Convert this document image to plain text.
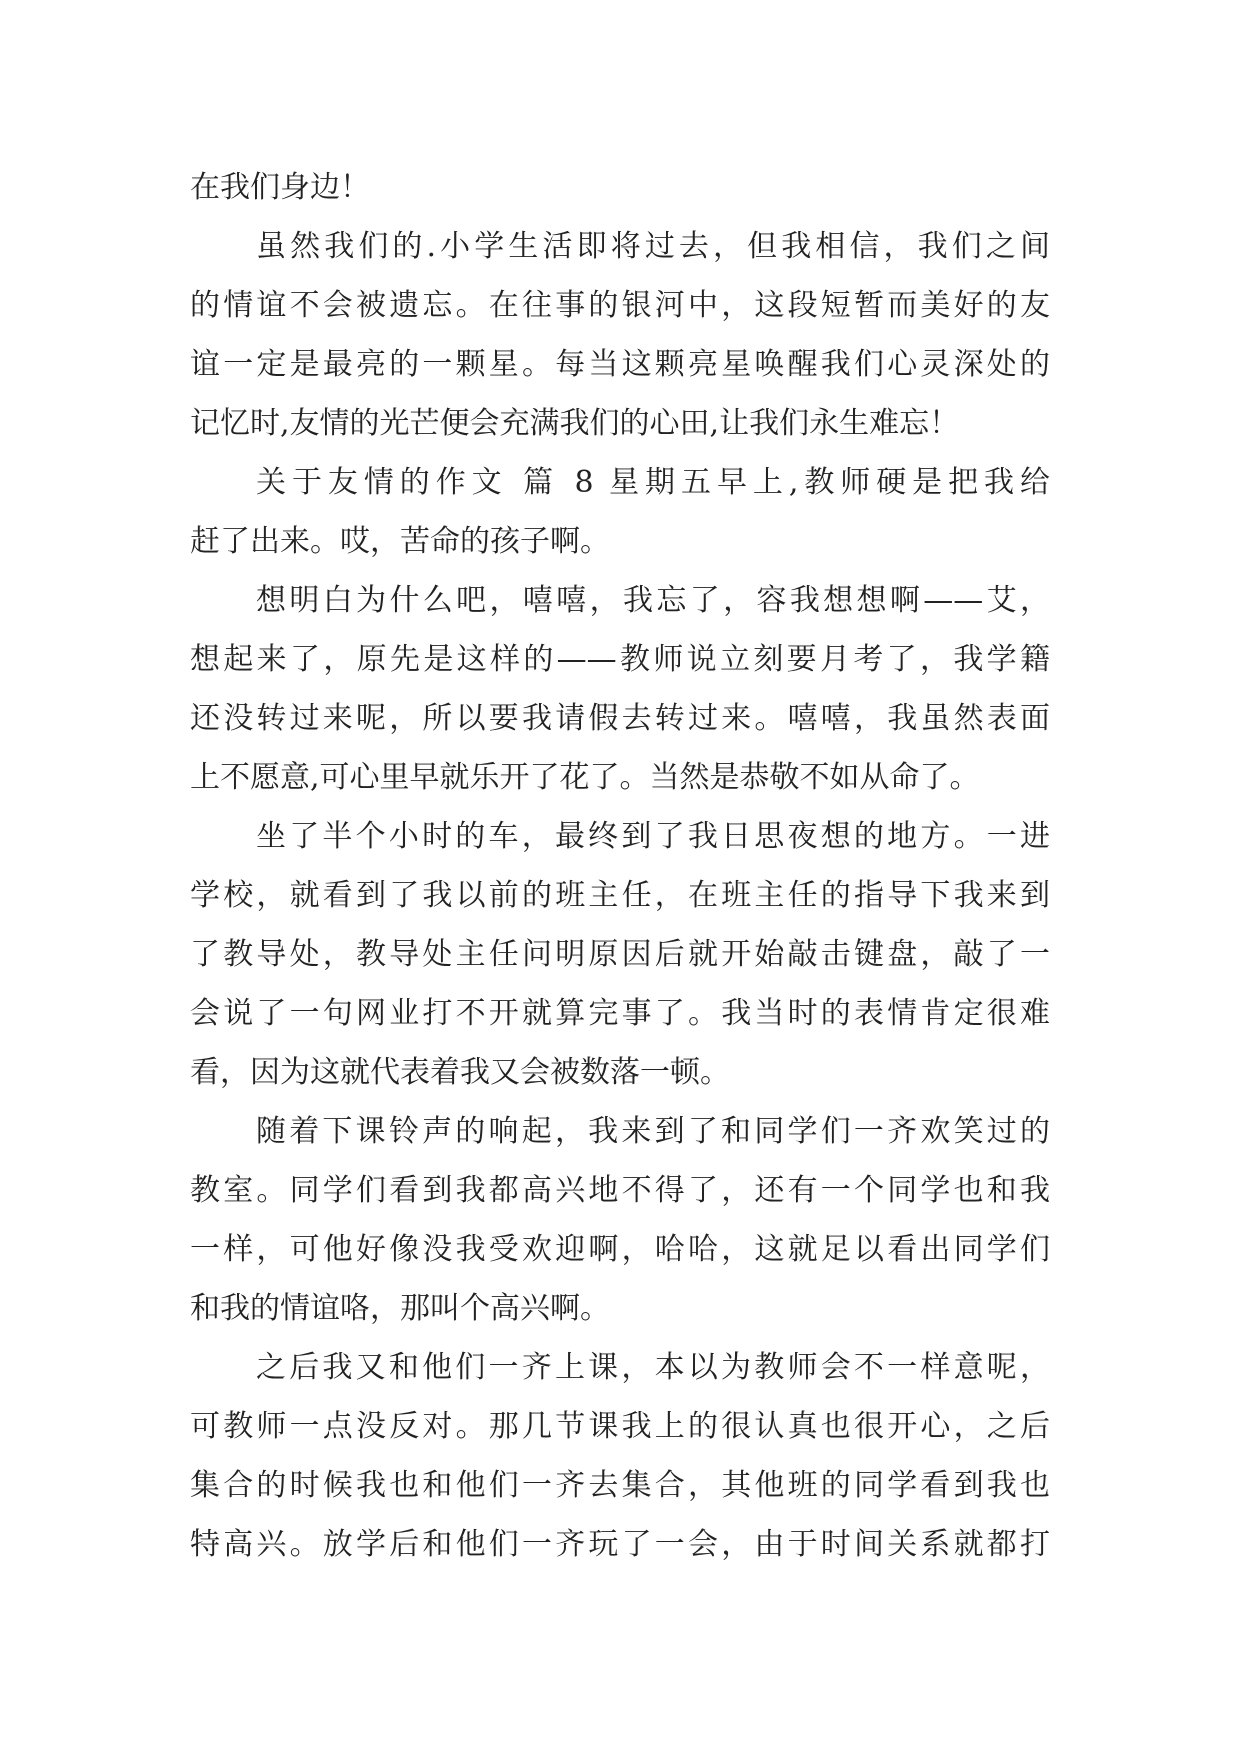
在我们身边！
虽然我们的.小学生活即将过去，但我相信，我们之间
的情谊不会被遗忘。在往事的银河中，这段短暂而美好的友
谊一定是最亮的一颗星。每当这颗亮星唤醒我们心灵深处的
记忆时,友情的光芒便会充满我们的心田,让我们永生难忘！
关于友情的作文 篇 8 星期五早上,教师硬是把我给
赶了出来。哎，苦命的孩子啊。
想明白为什么吧，嘻嘻，我忘了，容我想想啊——艾，
想起来了，原先是这样的——教师说立刻要月考了，我学籍
还没转过来呢，所以要我请假去转过来。嘻嘻，我虽然表面
上不愿意,可心里早就乐开了花了。当然是恭敬不如从命了。
坐了半个小时的车，最终到了我日思夜想的地方。一进
学校，就看到了我以前的班主任，在班主任的指导下我来到
了教导处，教导处主任问明原因后就开始敲击键盘，敲了一
会说了一句网业打不开就算完事了。我当时的表情肯定很难
看，因为这就代表着我又会被数落一顿。
随着下课铃声的响起，我来到了和同学们一齐欢笑过的
教室。同学们看到我都高兴地不得了，还有一个同学也和我
一样，可他好像没我受欢迎啊，哈哈，这就足以看出同学们
和我的情谊咯，那叫个高兴啊。
之后我又和他们一齐上课，本以为教师会不一样意呢，
可教师一点没反对。那几节课我上的很认真也很开心，之后
集合的时候我也和他们一齐去集合，其他班的同学看到我也
特高兴。放学后和他们一齐玩了一会，由于时间关系就都打
